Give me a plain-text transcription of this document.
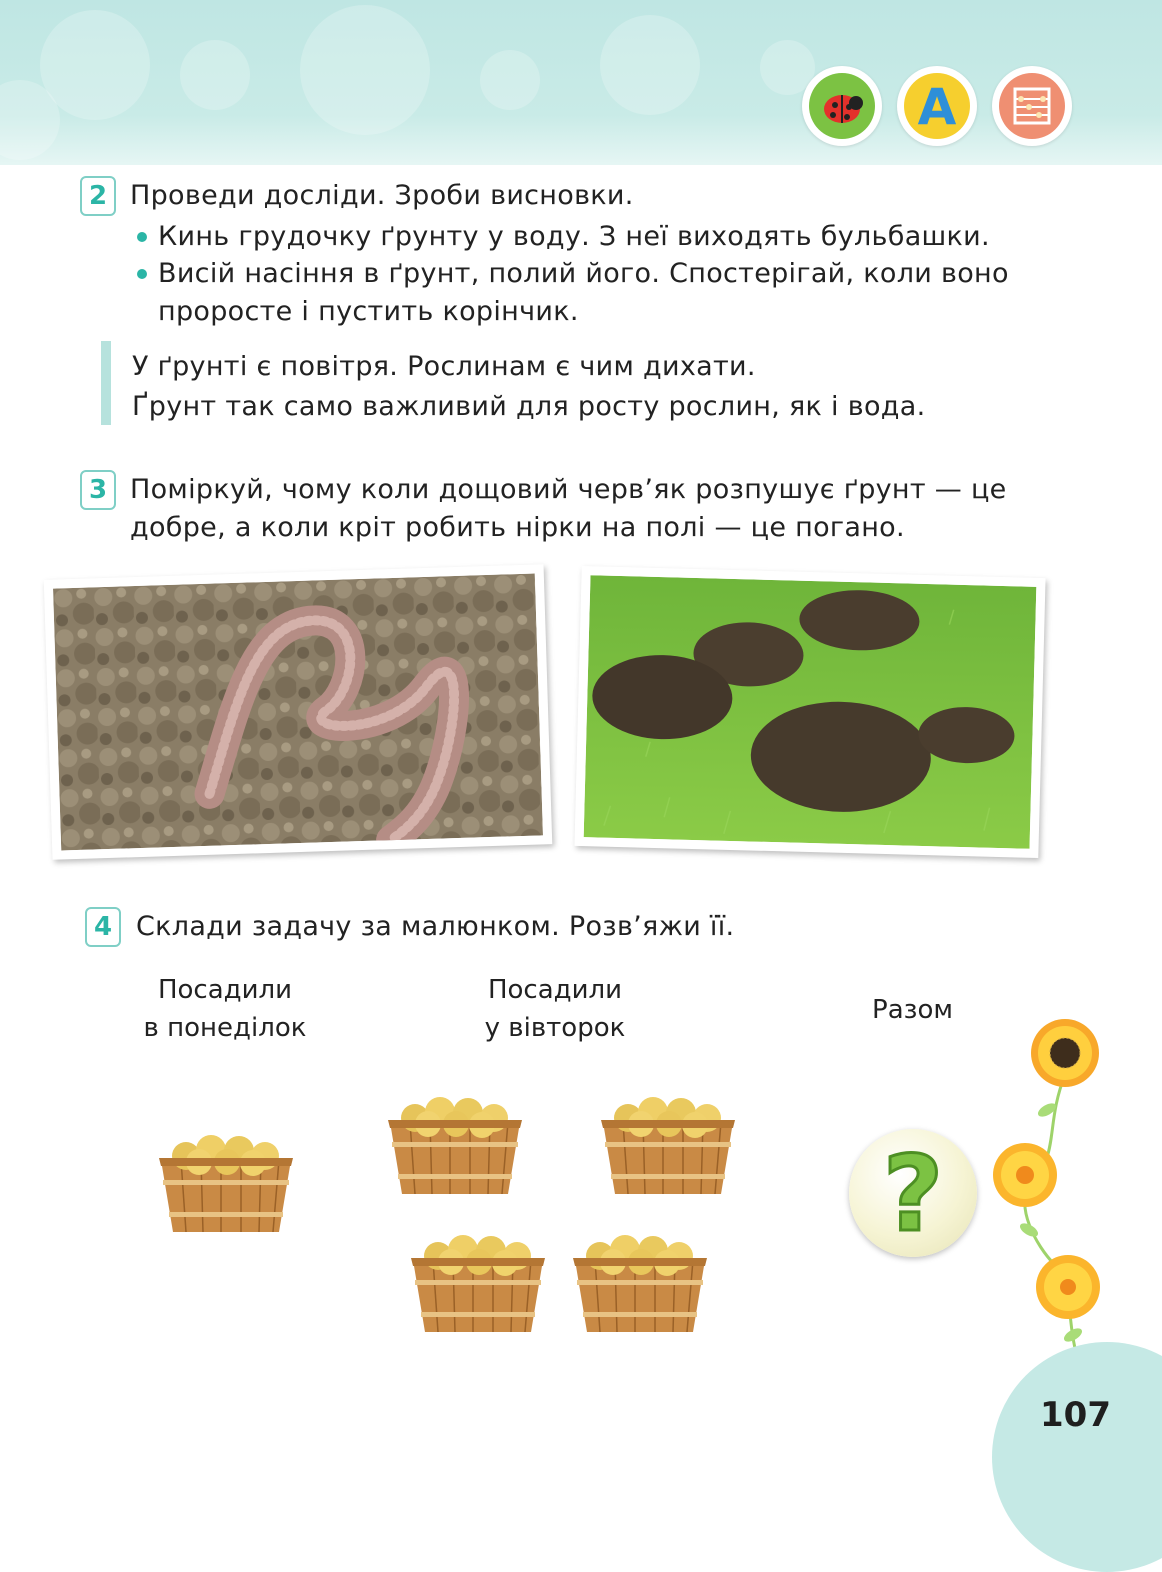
A
2 Проведи досліди. Зроби висновки.
Кинь грудочку ґрунту у воду. З неї виходять бульбашки.
Висій насіння в ґрунт, полий його. Спостерігай, коли воно
проросте і пустить корінчик.
У ґрунті є повітря. Рослинам є чим дихати.
Ґрунт так само важливий для росту рослин, як і вода.
3 Поміркуй, чому коли дощовий черв’як розпушує ґрунт — це
добре, а коли кріт робить нірки на полі — це погано.
4 Склади задачу за малюнком. Розв’яжи її.
Посадили
в понеділок
Посадили
у вівторок
Разом
?
107
